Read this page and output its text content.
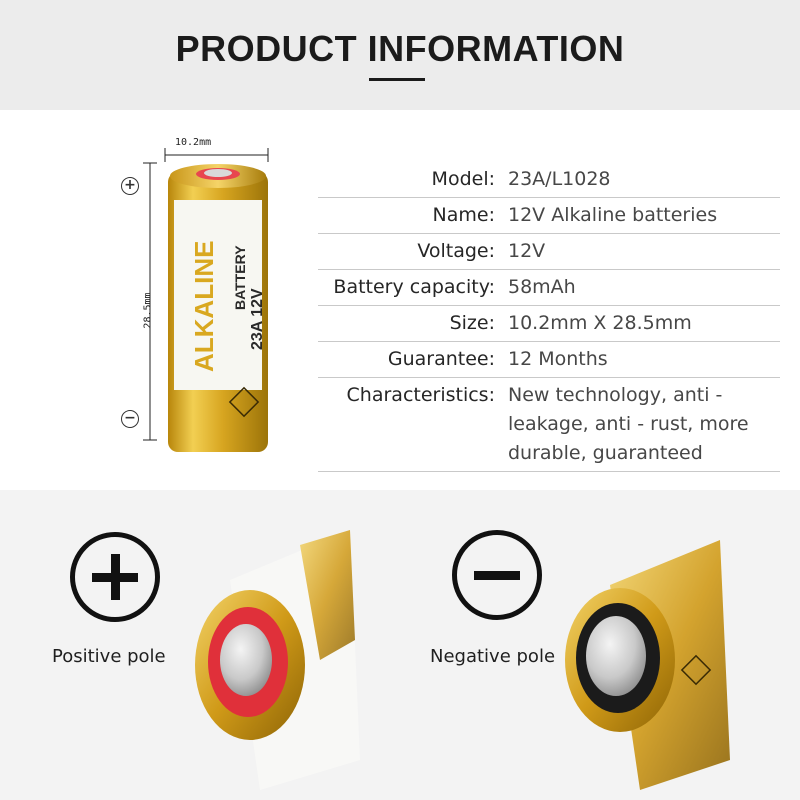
PRODUCT INFORMATION
ALKALINE BATTERY
23A 12V
10.2mm
28.5mm
+
−
Model: 23A/L1028
Name: 12V Alkaline batteries
Voltage: 12V
Battery capacity: 58mAh
Size: 10.2mm X 28.5mm
Guarantee: 12 Months
Characteristics: New technology, anti - leakage, anti - rust, more durable, guaranteed
Positive pole	Negative pole
